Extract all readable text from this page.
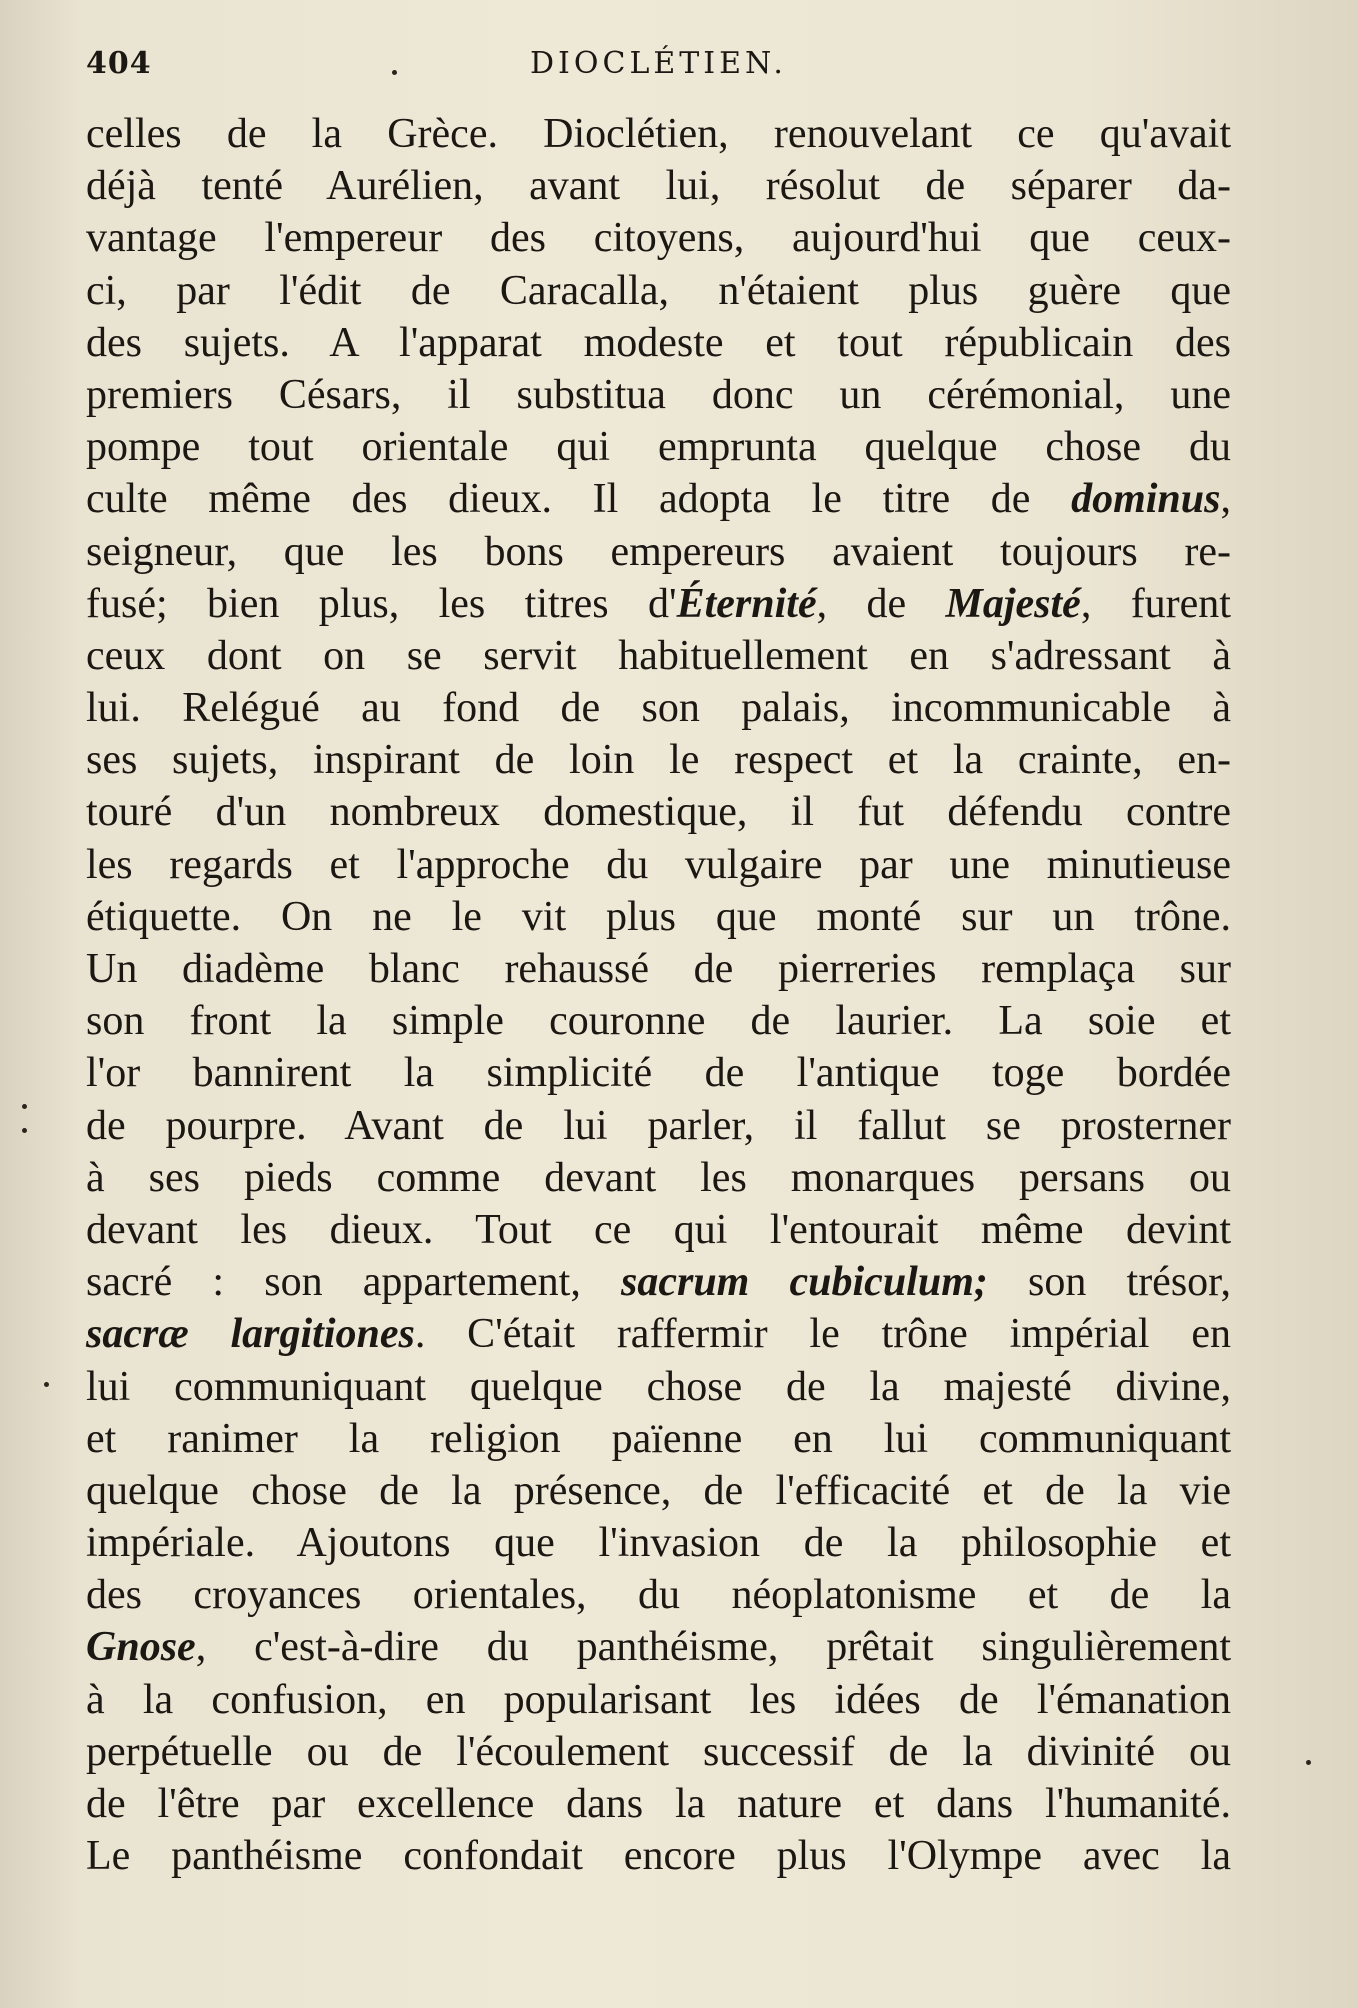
404	DIOCLÉTIEN.
celles de la Grèce. Dioclétien, renouvelant ce qu'avait
déjà tenté Aurélien, avant lui, résolut de séparer da-
vantage l'empereur des citoyens, aujourd'hui que ceux-
ci, par l'édit de Caracalla, n'étaient plus guère que
des sujets. A l'apparat modeste et tout républicain des
premiers Césars, il substitua donc un cérémonial, une
pompe tout orientale qui emprunta quelque chose du
culte même des dieux. Il adopta le titre de dominus,
seigneur, que les bons empereurs avaient toujours re-
fusé; bien plus, les titres d'Éternité, de Majesté, furent
ceux dont on se servit habituellement en s'adressant à
lui. Relégué au fond de son palais, incommunicable à
ses sujets, inspirant de loin le respect et la crainte, en-
touré d'un nombreux domestique, il fut défendu contre
les regards et l'approche du vulgaire par une minutieuse
étiquette. On ne le vit plus que monté sur un trône.
Un diadème blanc rehaussé de pierreries remplaça sur
son front la simple couronne de laurier. La soie et
l'or bannirent la simplicité de l'antique toge bordée
de pourpre. Avant de lui parler, il fallut se prosterner
à ses pieds comme devant les monarques persans ou
devant les dieux. Tout ce qui l'entourait même devint
sacré : son appartement, sacrum cubiculum; son trésor,
sacræ largitiones. C'était raffermir le trône impérial en
lui communiquant quelque chose de la majesté divine,
et ranimer la religion païenne en lui communiquant
quelque chose de la présence, de l'efficacité et de la vie
impériale. Ajoutons que l'invasion de la philosophie et
des croyances orientales, du néoplatonisme et de la
Gnose, c'est-à-dire du panthéisme, prêtait singulièrement
à la confusion, en popularisant les idées de l'émanation
perpétuelle ou de l'écoulement successif de la divinité ou
de l'être par excellence dans la nature et dans l'humanité.
Le panthéisme confondait encore plus l'Olympe avec la
